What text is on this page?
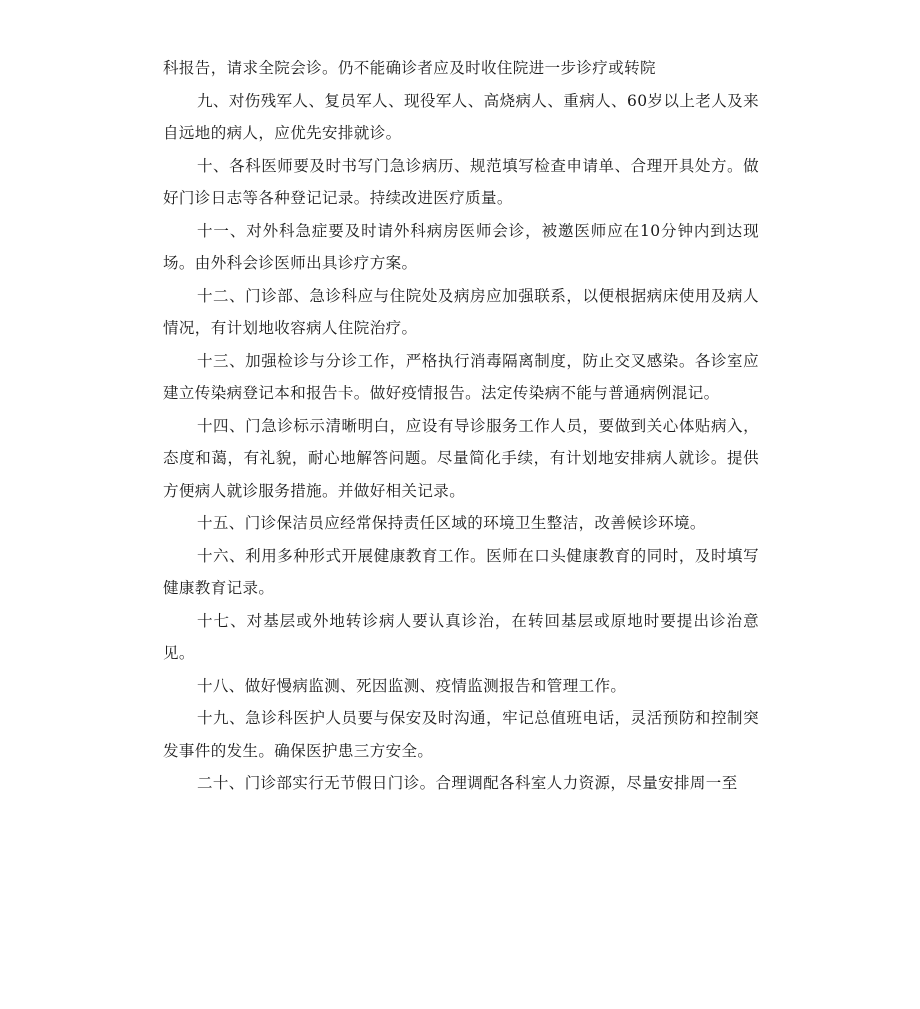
科报告，请求全院会诊。仍不能确诊者应及时收住院进一步诊疗或转院

九、对伤残军人、复员军人、现役军人、高烧病人、重病人、60岁以上老人及来自远地的病人，应优先安排就诊。

十、各科医师要及时书写门急诊病历、规范填写检查申请单、合理开具处方。做好门诊日志等各种登记记录。持续改进医疗质量。

十一、对外科急症要及时请外科病房医师会诊，被邀医师应在10分钟内到达现场。由外科会诊医师出具诊疗方案。

十二、门诊部、急诊科应与住院处及病房应加强联系，以便根据病床使用及病人情况，有计划地收容病人住院治疗。

十三、加强检诊与分诊工作，严格执行消毒隔离制度，防止交叉感染。各诊室应建立传染病登记本和报告卡。做好疫情报告。法定传染病不能与普通病例混记。

十四、门急诊标示清晰明白，应设有导诊服务工作人员，要做到关心体贴病入，态度和蔼，有礼貌，耐心地解答问题。尽量简化手续，有计划地安排病人就诊。提供方便病人就诊服务措施。并做好相关记录。

十五、门诊保洁员应经常保持责任区域的环境卫生整洁，改善候诊环境。

十六、利用多种形式开展健康教育工作。医师在口头健康教育的同时，及时填写健康教育记录。

十七、对基层或外地转诊病人要认真诊治，在转回基层或原地时要提出诊治意见。

十八、做好慢病监测、死因监测、疫情监测报告和管理工作。

十九、急诊科医护人员要与保安及时沟通，牢记总值班电话，灵活预防和控制突发事件的发生。确保医护患三方安全。

二十、门诊部实行无节假日门诊。合理调配各科室人力资源，尽量安排周一至
